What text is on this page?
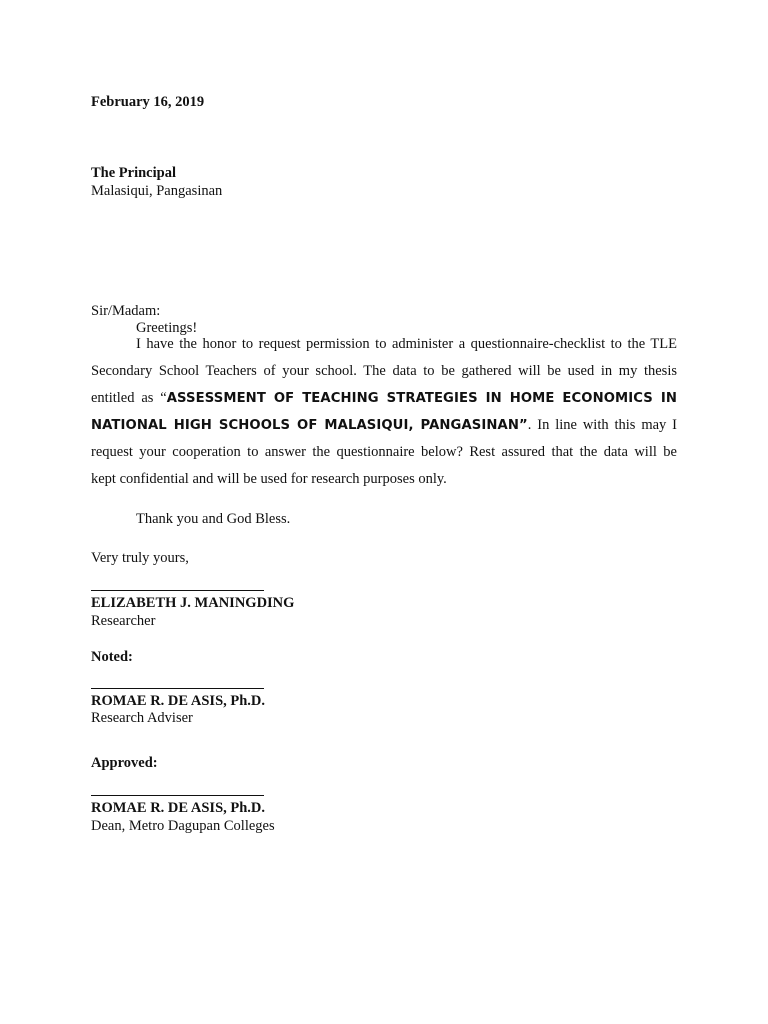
February 16, 2019
The Principal
Malasiqui, Pangasinan
Sir/Madam:
Greetings!
I have the honor to request permission to administer a questionnaire-checklist to the TLE
Secondary School Teachers of your school. The data to be gathered will be used in my thesis
entitled as “ASSESSMENT OF TEACHING STRATEGIES IN HOME ECONOMICS IN
NATIONAL HIGH SCHOOLS OF MALASIQUI, PANGASINAN”. In line with this may I
request your cooperation to answer the questionnaire below? Rest assured that the data will be
kept confidential and will be used for research purposes only.
Thank you and God Bless.
Very truly yours,
ELIZABETH J. MANINGDING
Researcher
Noted:
ROMAE R. DE ASIS, Ph.D.
Research Adviser
Approved:
ROMAE R. DE ASIS, Ph.D.
Dean, Metro Dagupan Colleges
